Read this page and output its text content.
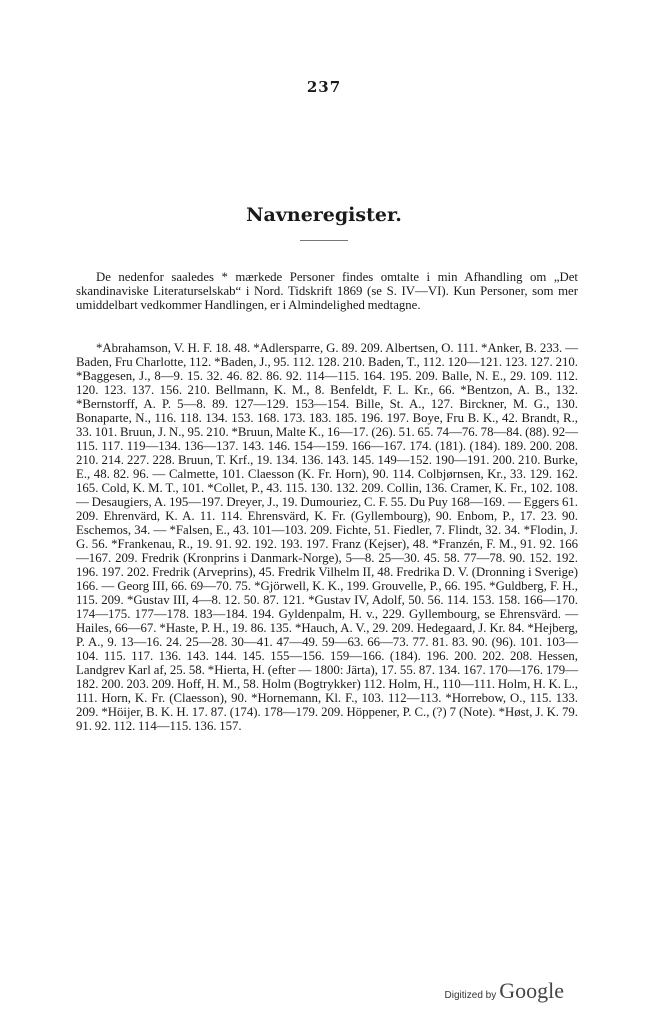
237
Navneregister.

De nedenfor saaledes * mærkede Personer findes omtalte i min Afhandling om „Det skandinaviske Literaturselskab“ i Nord. Tidskrift 1869 (se S. IV—VI). Kun Personer, som mer umiddelbart vedkommer Handlingen, er i Almindelighed medtagne.

*Abrahamson, V. H. F. 18. 48. *Adlersparre, G. 89. 209. Albertsen, O. 111. *Anker, B. 233. — Baden, Fru Charlotte, 112. *Baden, J., 95. 112. 128. 210. Baden, T., 112. 120—121. 123. 127. 210. *Baggesen, J., 8—9. 15. 32. 46. 82. 86. 92. 114—115. 164. 195. 209. Balle, N. E., 29. 109. 112. 120. 123. 137. 156. 210. Bellmann, K. M., 8. Benfeldt, F. L. Kr., 66. *Bentzon, A. B., 132. *Bernstorff, A. P. 5—8. 89. 127—129. 153—154. Bille, St. A., 127. Birckner, M. G., 130. Bonaparte, N., 116. 118. 134. 153. 168. 173. 183. 185. 196. 197. Boye, Fru B. K., 42. Brandt, R., 33. 101. Bruun, J. N., 95. 210. *Bruun, Malte K., 16—17. (26). 51. 65. 74—76. 78—84. (88). 92—115. 117. 119—134. 136—137. 143. 146. 154—159. 166—167. 174. (181). (184). 189. 200. 208. 210. 214. 227. 228. Bruun, T. Krf., 19. 134. 136. 143. 145. 149—152. 190—191. 200. 210. Burke, E., 48. 82. 96. — Calmette, 101. Claesson (K. Fr. Horn), 90. 114. Colbjørnsen, Kr., 33. 129. 162. 165. Cold, K. M. T., 101. *Collet, P., 43. 115. 130. 132. 209. Collin, 136. Cramer, K. Fr., 102. 108. — Desaugiers, A. 195—197. Dreyer, J., 19. Dumouriez, C. F. 55. Du Puy 168—169. — Eggers 61. 209. Ehrenvärd, K. A. 11. 114. Ehrensvärd, K. Fr. (Gyllembourg), 90. Enbom, P., 17. 23. 90. Eschemos, 34. — *Falsen, E., 43. 101—103. 209. Fichte, 51. Fiedler, 7. Flindt, 32. 34. *Flodin, J. G. 56. *Frankenau, R., 19. 91. 92. 192. 193. 197. Franz (Kejser), 48. *Franzén, F. M., 91. 92. 166—167. 209. Fredrik (Kronprins i Danmark-Norge), 5—8. 25—30. 45. 58. 77—78. 90. 152. 192. 196. 197. 202. Fredrik (Arveprins), 45. Fredrik Vilhelm II, 48. Fredrika D. V. (Dronning i Sverige) 166. — Georg III, 66. 69—70. 75. *Gjörwell, K. K., 199. Grouvelle, P., 66. 195. *Guldberg, F. H., 115. 209. *Gustav III, 4—8. 12. 50. 87. 121. *Gustav IV, Adolf, 50. 56. 114. 153. 158. 166—170. 174—175. 177—178. 183—184. 194. Gyldenpalm, H. v., 229. Gyllembourg, se Ehrensvärd. — Hailes, 66—67. *Haste, P. H., 19. 86. 135. *Hauch, A. V., 29. 209. Hedegaard, J. Kr. 84. *Hejberg, P. A., 9. 13—16. 24. 25—28. 30—41. 47—49. 59—63. 66—73. 77. 81. 83. 90. (96). 101. 103—104. 115. 117. 136. 143. 144. 145. 155—156. 159—166. (184). 196. 200. 202. 208. Hessen, Landgrev Karl af, 25. 58. *Hierta, H. (efter — 1800: Järta), 17. 55. 87. 134. 167. 170—176. 179—182. 200. 203. 209. Hoff, H. M., 58. Holm (Bogtrykker) 112. Holm, H., 110—111. Holm, H. K. L., 111. Horn, K. Fr. (Claesson), 90. *Hornemann, Kl. F., 103. 112—113. *Horrebow, O., 115. 133. 209. *Höijer, B. K. H. 17. 87. (174). 178—179. 209. Höppener, P. C., (?) 7 (Note). *Høst, J. K. 79. 91. 92. 112. 114—115. 136. 157.

Digitized by Google
